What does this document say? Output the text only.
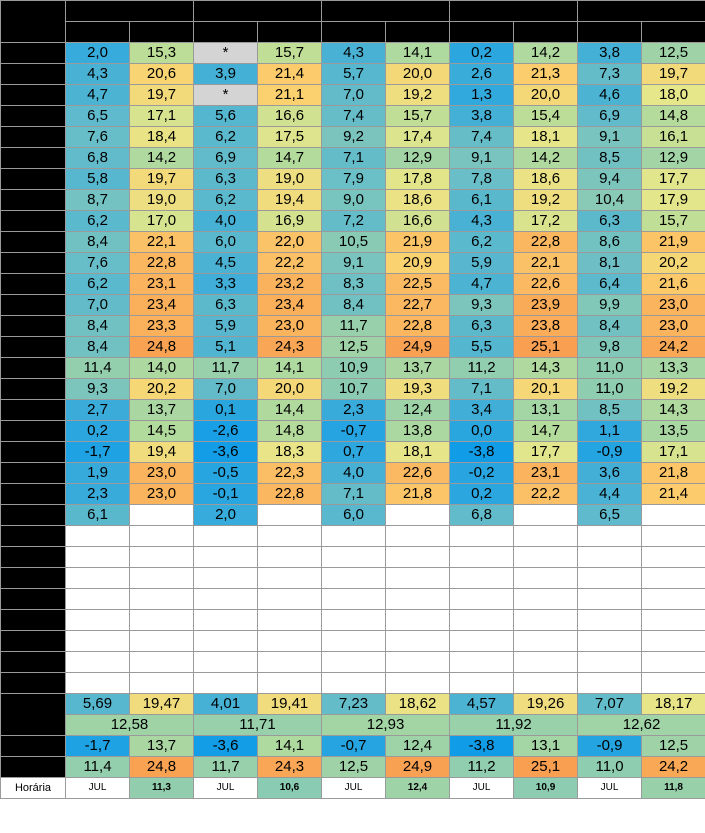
jul/21	CWB/Pilarzinho		CWB/Orleans		CWB/Cachoeira		Piraquara		Aeroporto	
	MIN	MAX	MIN	MAX	MIN	MAX	MIN	MAX	MIN	MAX
1	2,0	15,3	*	15,7	4,3	14,1	0,2	14,2	3,8	12,5
2	4,3	20,6	3,9	21,4	5,7	20,0	2,6	21,3	7,3	19,7
3	4,7	19,7	*	21,1	7,0	19,2	1,3	20,0	4,6	18,0
4	6,5	17,1	5,6	16,6	7,4	15,7	3,8	15,4	6,9	14,8
5	7,6	18,4	6,2	17,5	9,2	17,4	7,4	18,1	9,1	16,1
6	6,8	14,2	6,9	14,7	7,1	12,9	9,1	14,2	8,5	12,9
7	5,8	19,7	6,3	19,0	7,9	17,8	7,8	18,6	9,4	17,7
8	8,7	19,0	6,2	19,4	9,0	18,6	6,1	19,2	10,4	17,9
9	6,2	17,0	4,0	16,9	7,2	16,6	4,3	17,2	6,3	15,7
10	8,4	22,1	6,0	22,0	10,5	21,9	6,2	22,8	8,6	21,9
11	7,6	22,8	4,5	22,2	9,1	20,9	5,9	22,1	8,1	20,2
12	6,2	23,1	3,3	23,2	8,3	22,5	4,7	22,6	6,4	21,6
13	7,0	23,4	6,3	23,4	8,4	22,7	9,3	23,9	9,9	23,0
14	8,4	23,3	5,9	23,0	11,7	22,8	6,3	23,8	8,4	23,0
15	8,4	24,8	5,1	24,3	12,5	24,9	5,5	25,1	9,8	24,2
16	11,4	14,0	11,7	14,1	10,9	13,7	11,2	14,3	11,0	13,3
17	9,3	20,2	7,0	20,0	10,7	19,3	7,1	20,1	11,0	19,2
18	2,7	13,7	0,1	14,4	2,3	12,4	3,4	13,1	8,5	14,3
19	0,2	14,5	-2,6	14,8	-0,7	13,8	0,0	14,7	1,1	13,5
20	-1,7	19,4	-3,6	18,3	0,7	18,1	-3,8	17,7	-0,9	17,1
21	1,9	23,0	-0,5	22,3	4,0	22,6	-0,2	23,1	3,6	21,8
22	2,3	23,0	-0,1	22,8	7,1	21,8	0,2	22,2	4,4	21,4
23	6,1		2,0		6,0		6,8		6,5	
24										
25										
26										
27										
28										
29										
30										
31										
MÉDIA	5,69	19,47	4,01	19,41	7,23	18,62	4,57	19,26	7,07	18,17
	12,58		11,71		12,93		11,92		12,62	
Low	-1,7	13,7	-3,6	14,1	-0,7	12,4	-3,8	13,1	-0,9	12,5
High	11,4	24,8	11,7	24,3	12,5	24,9	11,2	25,1	11,0	24,2
Horária	JUL	11,3	JUL	10,6	JUL	12,4	JUL	10,9	JUL	11,8
